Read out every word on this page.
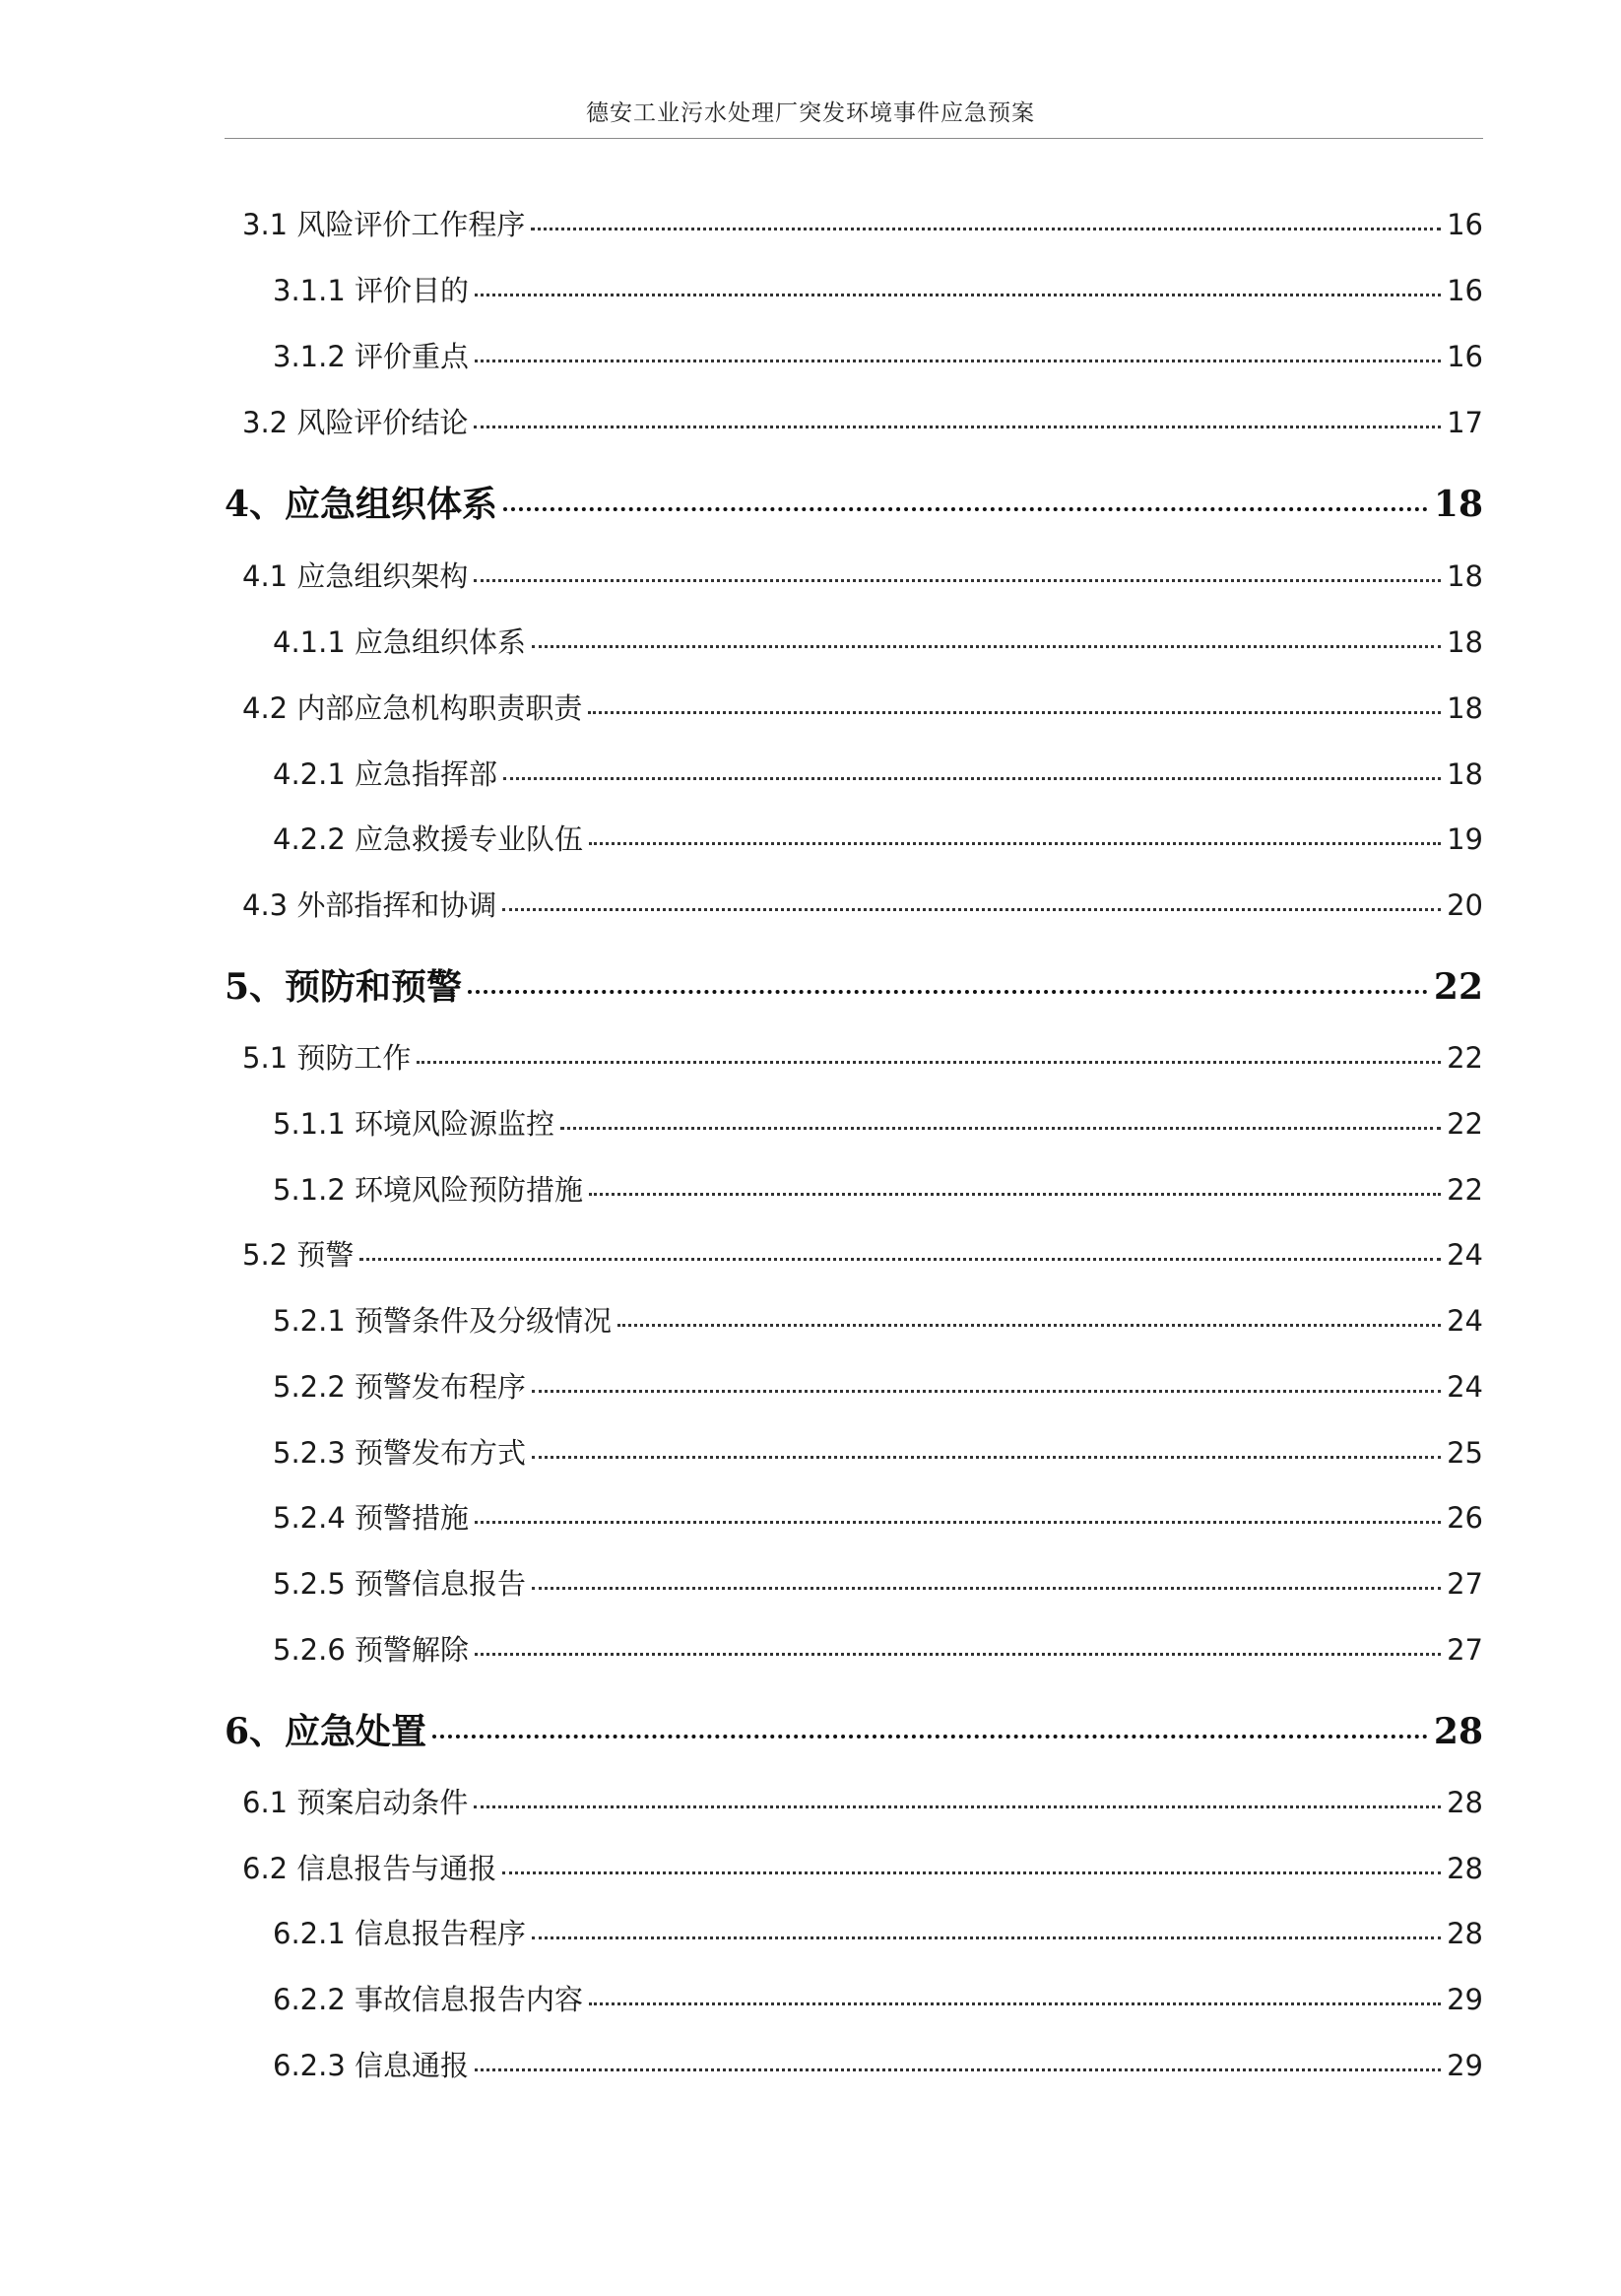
德安工业污水处理厂突发环境事件应急预案
3.1 风险评价工作程序	16
3.1.1 评价目的	16
3.1.2 评价重点	16
3.2 风险评价结论	17
4、应急组织体系	18
4.1 应急组织架构	18
4.1.1 应急组织体系	18
4.2 内部应急机构职责职责	18
4.2.1 应急指挥部	18
4.2.2 应急救援专业队伍	19
4.3 外部指挥和协调	20
5、预防和预警	22
5.1 预防工作	22
5.1.1 环境风险源监控	22
5.1.2 环境风险预防措施	22
5.2 预警	24
5.2.1 预警条件及分级情况	24
5.2.2 预警发布程序	24
5.2.3 预警发布方式	25
5.2.4 预警措施	26
5.2.5 预警信息报告	27
5.2.6 预警解除	27
6、应急处置	28
6.1 预案启动条件	28
6.2 信息报告与通报	28
6.2.1 信息报告程序	28
6.2.2 事故信息报告内容	29
6.2.3 信息通报	29
